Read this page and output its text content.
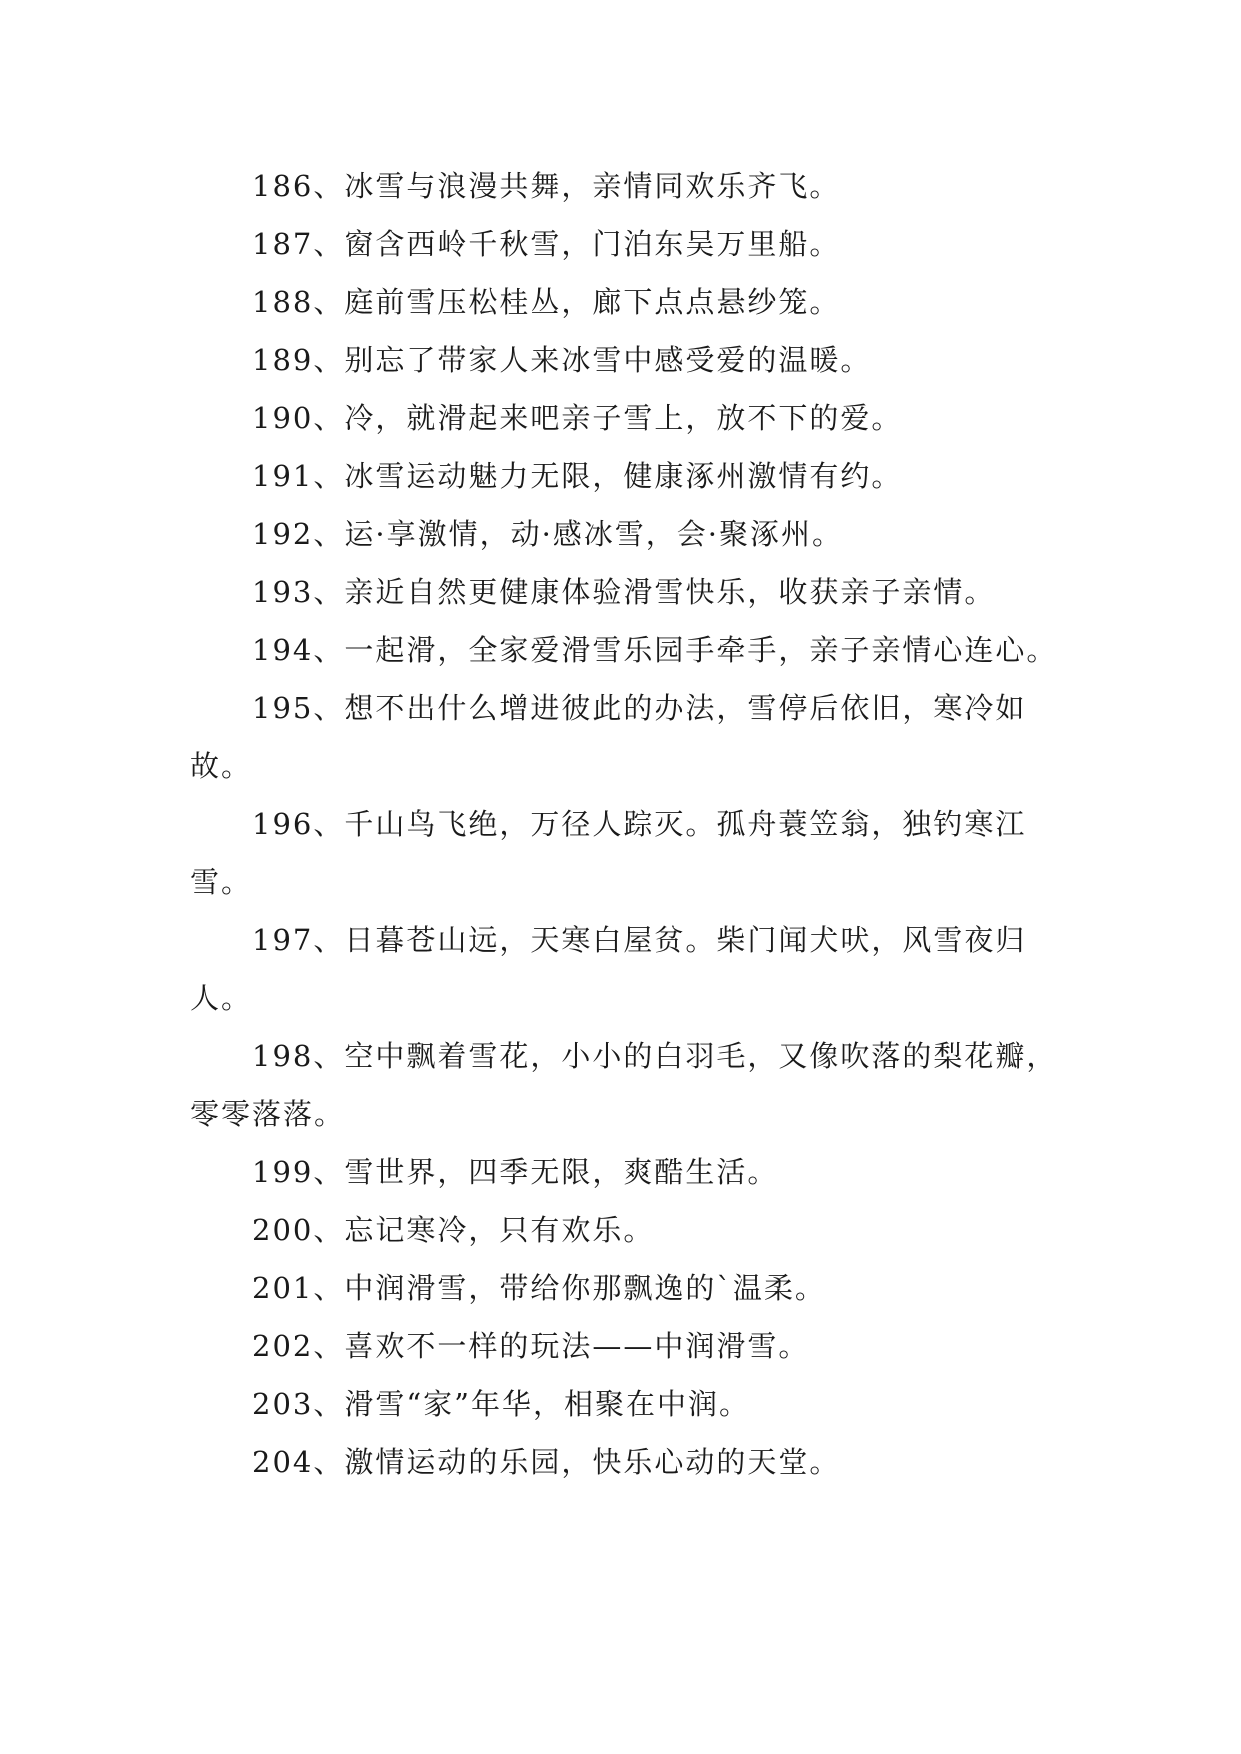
186、冰雪与浪漫共舞，亲情同欢乐齐飞。

187、窗含西岭千秋雪，门泊东吴万里船。

188、庭前雪压松桂丛，廊下点点悬纱笼。

189、别忘了带家人来冰雪中感受爱的温暖。

190、冷，就滑起来吧亲子雪上，放不下的爱。

191、冰雪运动魅力无限，健康涿州激情有约。

192、运·享激情，动·感冰雪，会·聚涿州。

193、亲近自然更健康体验滑雪快乐，收获亲子亲情。

194、一起滑，全家爱滑雪乐园手牵手，亲子亲情心连心。

195、想不出什么增进彼此的办法，雪停后依旧，寒冷如故。

196、千山鸟飞绝，万径人踪灭。孤舟蓑笠翁，独钓寒江雪。

197、日暮苍山远，天寒白屋贫。柴门闻犬吠，风雪夜归人。

198、空中飘着雪花，小小的白羽毛，又像吹落的梨花瓣，零零落落。

199、雪世界，四季无限，爽酷生活。

200、忘记寒冷，只有欢乐。

201、中润滑雪，带给你那飘逸的`温柔。

202、喜欢不一样的玩法——中润滑雪。

203、滑雪“家”年华，相聚在中润。

204、激情运动的乐园，快乐心动的天堂。
